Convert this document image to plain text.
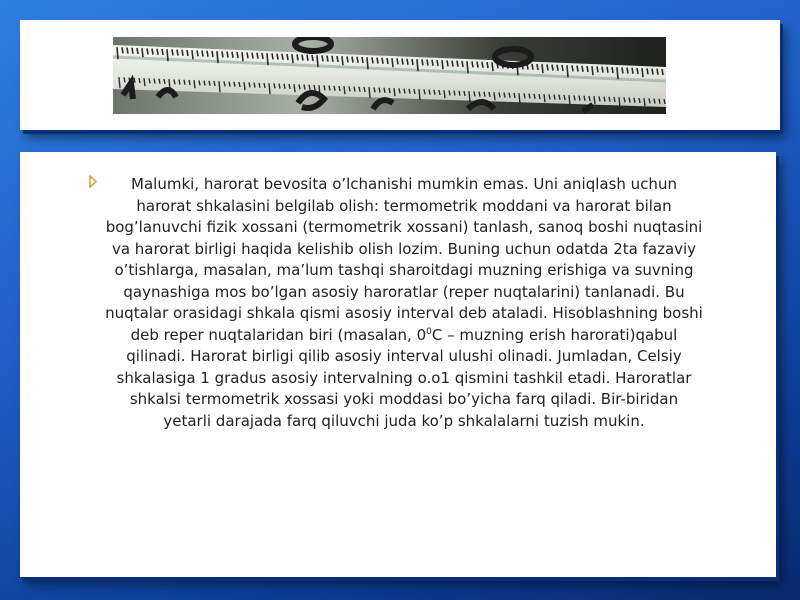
Malumki, harorat bevosita o’lchanishi mumkin emas. Uni aniqlash uchun harorat shkalasini belgilab olish: termometrik moddani va harorat bilan bog’lanuvchi fizik xossani (termometrik xossani) tanlash, sanoq boshi nuqtasini va harorat birligi haqida kelishib olish lozim. Buning uchun odatda 2ta fazaviy o’tishlarga, masalan, ma’lum tashqi sharoitdagi muzning erishiga va suvning qaynashiga mos bo’lgan asosiy haroratlar (reper nuqtalarini) tanlanadi. Bu nuqtalar orasidagi shkala qismi asosiy interval deb ataladi. Hisoblashning boshi deb reper nuqtalaridan biri (masalan, $0^0C$ – muzning erish harorati)qabul qilinadi. Harorat birligi qilib asosiy interval ulushi olinadi. Jumladan, Celsiy shkalasiga 1 gradus asosiy intervalning o.o1 qismini tashkil etadi. Haroratlar shkalsi termometrik xossasi yoki moddasi bo’yicha farq qiladi. Bir-biridan yetarli darajada farq qiluvchi juda ko’p shkalalarni tuzish mukin.
